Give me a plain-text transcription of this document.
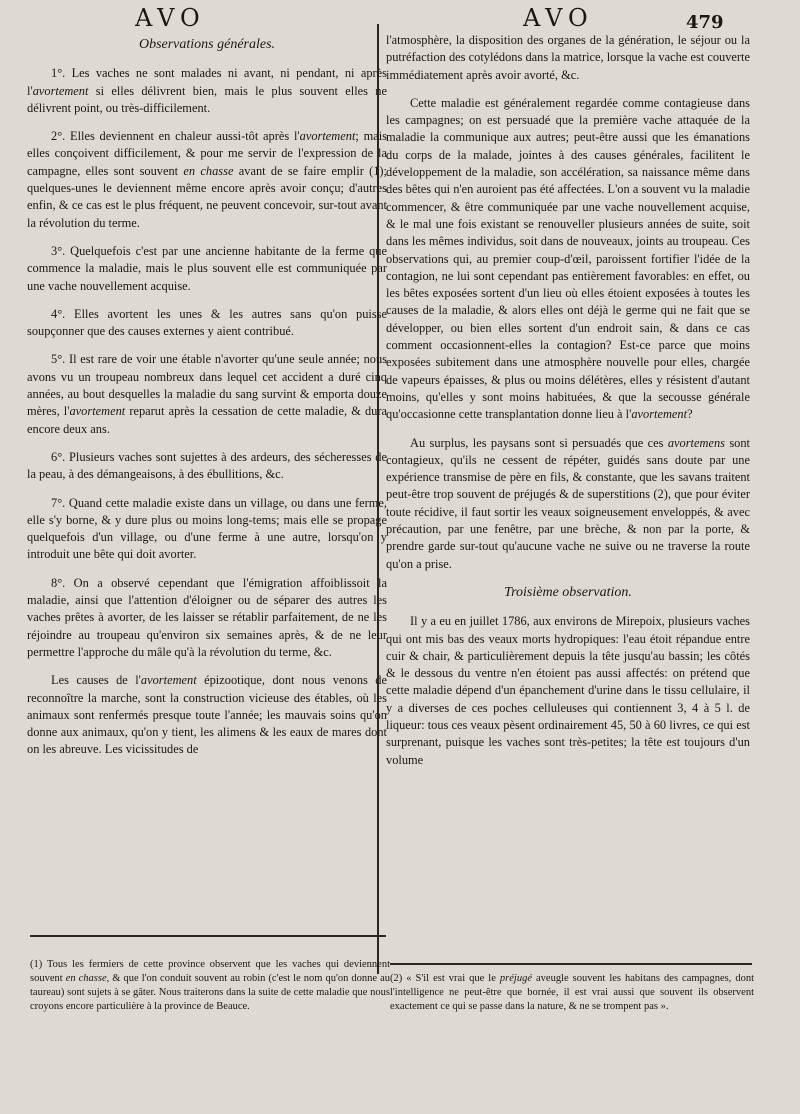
AVO	AVO	479
Observations générales.

1°. Les vaches ne sont malades ni avant, ni pendant, ni après l'avortement si elles délivrent bien, mais le plus souvent elles ne délivrent point, ou très-difficilement.

2°. Elles deviennent en chaleur aussi-tôt après l'avortement; mais elles conçoivent difficilement, & pour me servir de l'expression de la campagne, elles sont souvent en chasse avant de se faire emplir (1); quelques-unes le deviennent même encore après avoir conçu; d'autres enfin, & ce cas est le plus fréquent, ne peuvent concevoir, sur-tout avant la révolution du terme.

3°. Quelquefois c'est par une ancienne habitante de la ferme que commence la maladie, mais le plus souvent elle est communiquée par une vache nouvellement acquise.

4°. Elles avortent les unes & les autres sans qu'on puisse soupçonner que des causes externes y aient contribué.

5°. Il est rare de voir une étable n'avorter qu'une seule année; nous avons vu un troupeau nombreux dans lequel cet accident a duré cinq années, au bout desquelles la maladie du sang survint & emporta douze mères, l'avortement reparut après la cessation de cette maladie, & dura encore deux ans.

6°. Plusieurs vaches sont sujettes à des ardeurs, des sécheresses de la peau, à des démangeaisons, à des ébullitions, &c.

7°. Quand cette maladie existe dans un village, ou dans une ferme, elle s'y borne, & y dure plus ou moins long-tems; mais elle se propage quelquefois d'un village, ou d'une ferme à une autre, lorsqu'on y introduit une bête qui doit avorter.

8°. On a observé cependant que l'émigration affoiblissoit la maladie, ainsi que l'attention d'éloigner ou de séparer des autres les vaches prêtes à avorter, de les laisser se rétablir parfaitement, de ne les réjoindre au troupeau qu'environ six semaines après, & de ne leur permettre l'approche du mâle qu'à la révolution du terme, &c.

Les causes de l'avortement épizootique, dont nous venons de reconnoître la marche, sont la construction vicieuse des étables, où les animaux sont renfermés presque toute l'année; les mauvais soins qu'on donne aux animaux, qu'on y tient, les alimens & les eaux de mares dont on les abreuve. Les vicissitudes de

l'atmosphère, la disposition des organes de la génération, le séjour ou la putréfaction des cotylédons dans la matrice, lorsque la vache est couverte immédiatement après avoir avorté, &c.

Cette maladie est généralement regardée comme contagieuse dans les campagnes; on est persuadé que la première vache attaquée de la maladie la communique aux autres; peut-être aussi que les émanations du corps de la malade, jointes à des causes générales, facilitent le développement de la maladie, son accélération, sa naissance même dans des bêtes qui n'en auroient pas été affectées. L'on a souvent vu la maladie commencer, & être communiquée par une vache nouvellement acquise, & le mal une fois existant se renouveller plusieurs années de suite, soit dans les mêmes individus, soit dans de nouveaux, joints au troupeau. Ces observations qui, au premier coup-d'œil, paroissent fortifier l'idée de la contagion, ne lui sont cependant pas entièrement favorables: en effet, ou les bêtes exposées sortent d'un lieu où elles étoient exposées à toutes les causes de la maladie, & alors elles ont déjà le germe qui ne fait que se développer, ou bien elles sortent d'un endroit sain, & dans ce cas comment occasionnent-elles la contagion? Est-ce parce que moins exposées subitement dans une atmosphère nouvelle pour elles, chargée de vapeurs épaisses, & plus ou moins délétères, elles y résistent d'autant moins, qu'elles y sont moins habituées, & que la secousse générale qu'occasionne cette transplantation donne lieu à l'avortement?

Au surplus, les paysans sont si persuadés que ces avortemens sont contagieux, qu'ils ne cessent de répéter, guidés sans doute par une expérience transmise de père en fils, & constante, que les savans traitent peut-être trop souvent de préjugés & de superstitions (2), que pour éviter toute récidive, il faut sortir les veaux soigneusement enveloppés, & avec précaution, par une fenêtre, par une brèche, & non par la porte, & prendre garde sur-tout qu'aucune vache ne suive ou ne traverse la route qu'on a prise.

Troisième observation.

Il y a eu en juillet 1786, aux environs de Mirepoix, plusieurs vaches qui ont mis bas des veaux morts hydropiques: l'eau étoit répandue entre cuir & chair, & particulièrement depuis la tête jusqu'au bassin; les côtés & le dessous du ventre n'en étoient pas aussi affectés: on prétend que cette maladie dépend d'un épanchement d'urine dans le tissu cellulaire, il y a diverses de ces poches celluleuses qui contiennent 3, 4 à 5 l. de liqueur: tous ces veaux pèsent ordinairement 45, 50 à 60 livres, ce qui est surprenant, puisque les vaches sont très-petites; la tête est toujours d'un volume

(1) Tous les fermiers de cette province observent que les vaches qui deviennent souvent en chasse, & que l'on conduit souvent au robin (c'est le nom qu'on donne au taureau) sont sujets à se gâter. Nous traiterons dans la suite de cette maladie que nous croyons encore particulière à la province de Beauce.
(2) « S'il est vrai que le préjugé aveugle souvent les habitans des campagnes, dont l'intelligence ne peut-être que bornée, il est vrai aussi que souvent ils observent exactement ce qui se passe dans la nature, & ne se trompent pas ».
